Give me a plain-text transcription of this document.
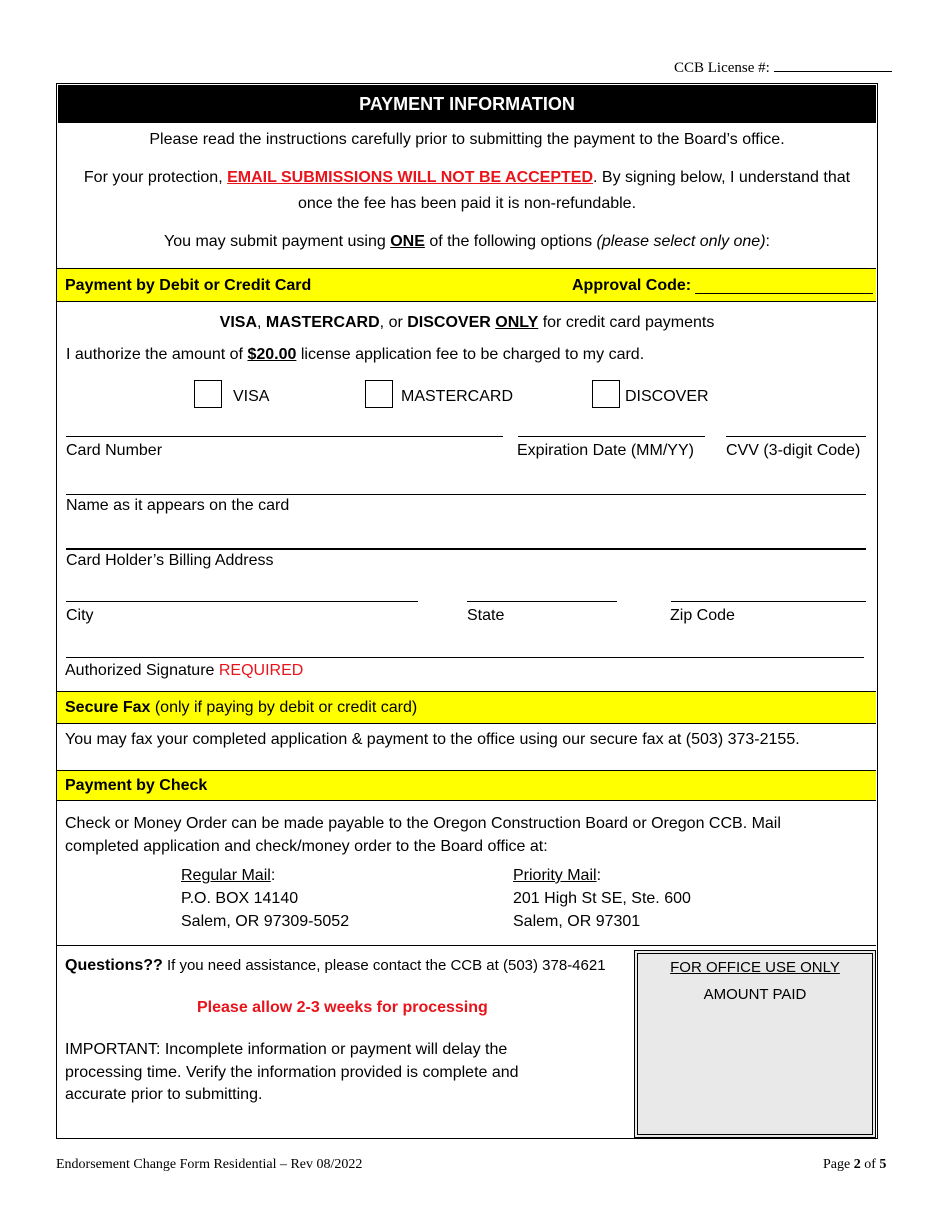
CCB License #:
PAYMENT INFORMATION
Please read the instructions carefully prior to submitting the payment to the Board’s office.
For your protection, EMAIL SUBMISSIONS WILL NOT BE ACCEPTED. By signing below, I understand that
once the fee has been paid it is non-refundable.
You may submit payment using ONE of the following options (please select only one):
Payment by Debit or Credit Card	Approval Code:
VISA, MASTERCARD, or DISCOVER ONLY for credit card payments
I authorize the amount of $20.00 license application fee to be charged to my card.
VISA	MASTERCARD	DISCOVER
Card Number	Expiration Date (MM/YY) CVV (3-digit Code)
Name as it appears on the card
Card Holder’s Billing Address
City	State	Zip Code
Authorized Signature REQUIRED
Secure Fax (only if paying by debit or credit card)
You may fax your completed application & payment to the office using our secure fax at (503) 373-2155.
Payment by Check
Check or Money Order can be made payable to the Oregon Construction Board or Oregon CCB. Mail
completed application and check/money order to the Board office at:
Regular Mail:
P.O. BOX 14140
Salem, OR 97309-5052
Priority Mail:
201 High St SE, Ste. 600
Salem, OR 97301
Questions?? If you need assistance, please contact the CCB at (503) 378-4621
Please allow 2-3 weeks for processing
IMPORTANT: Incomplete information or payment will delay the
processing time. Verify the information provided is complete and
accurate prior to submitting.
FOR OFFICE USE ONLY
AMOUNT PAID
Endorsement Change Form Residential – Rev 08/2022	Page 2 of 5
